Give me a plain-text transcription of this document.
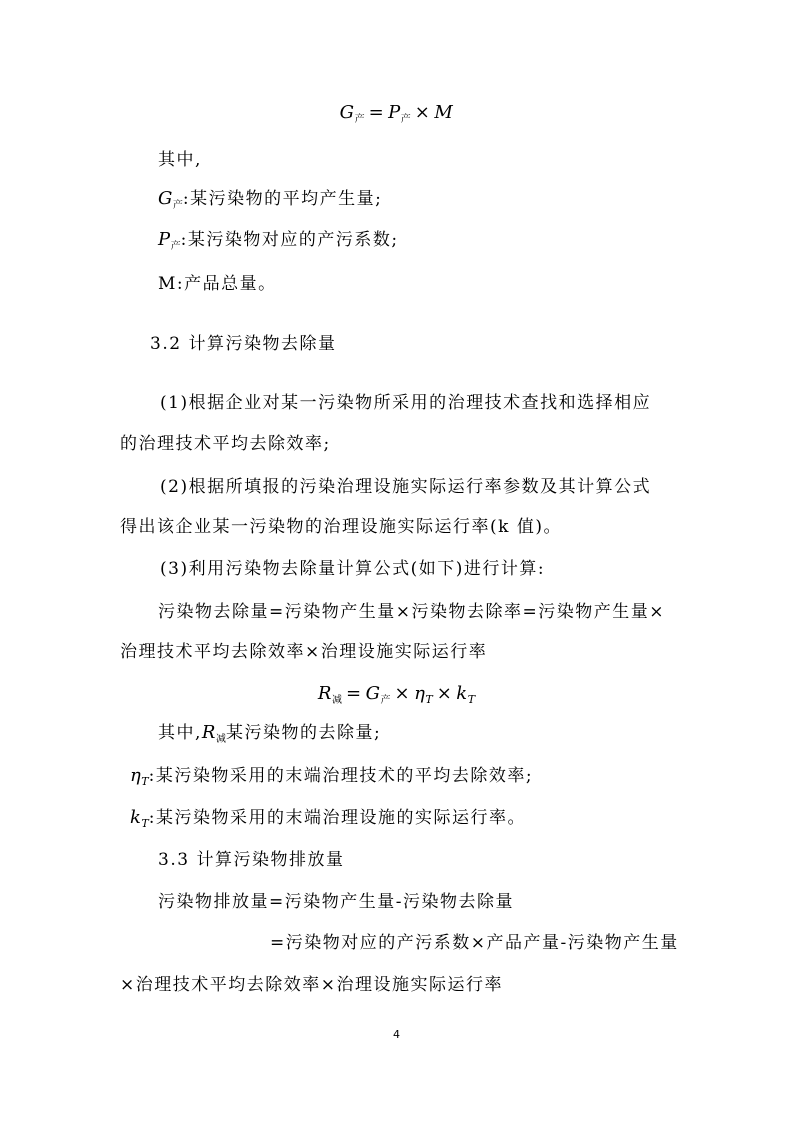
$G_产 = P_产 \times M$
其中,
$G_产$:某污染物的平均产生量;
$P_产$:某污染物对应的产污系数;
M:产品总量。
3.2 计算污染物去除量
(1)根据企业对某一污染物所采用的治理技术查找和选择相应
的治理技术平均去除效率;
(2)根据所填报的污染治理设施实际运行率参数及其计算公式
得出该企业某一污染物的治理设施实际运行率(k 值)。
(3)利用污染物去除量计算公式(如下)进行计算:
污染物去除量=污染物产生量×污染物去除率=污染物产生量×
治理技术平均去除效率×治理设施实际运行率
$R_减 = G_产 \times \eta_T \times k_T$
其中$,R_减$某污染物的去除量;
$\eta_T$:某污染物采用的末端治理技术的平均去除效率;
$k_T$:某污染物采用的末端治理设施的实际运行率。
3.3 计算污染物排放量
污染物排放量=污染物产生量-污染物去除量
=污染物对应的产污系数×产品产量-污染物产生量
×治理技术平均去除效率×治理设施实际运行率
4
